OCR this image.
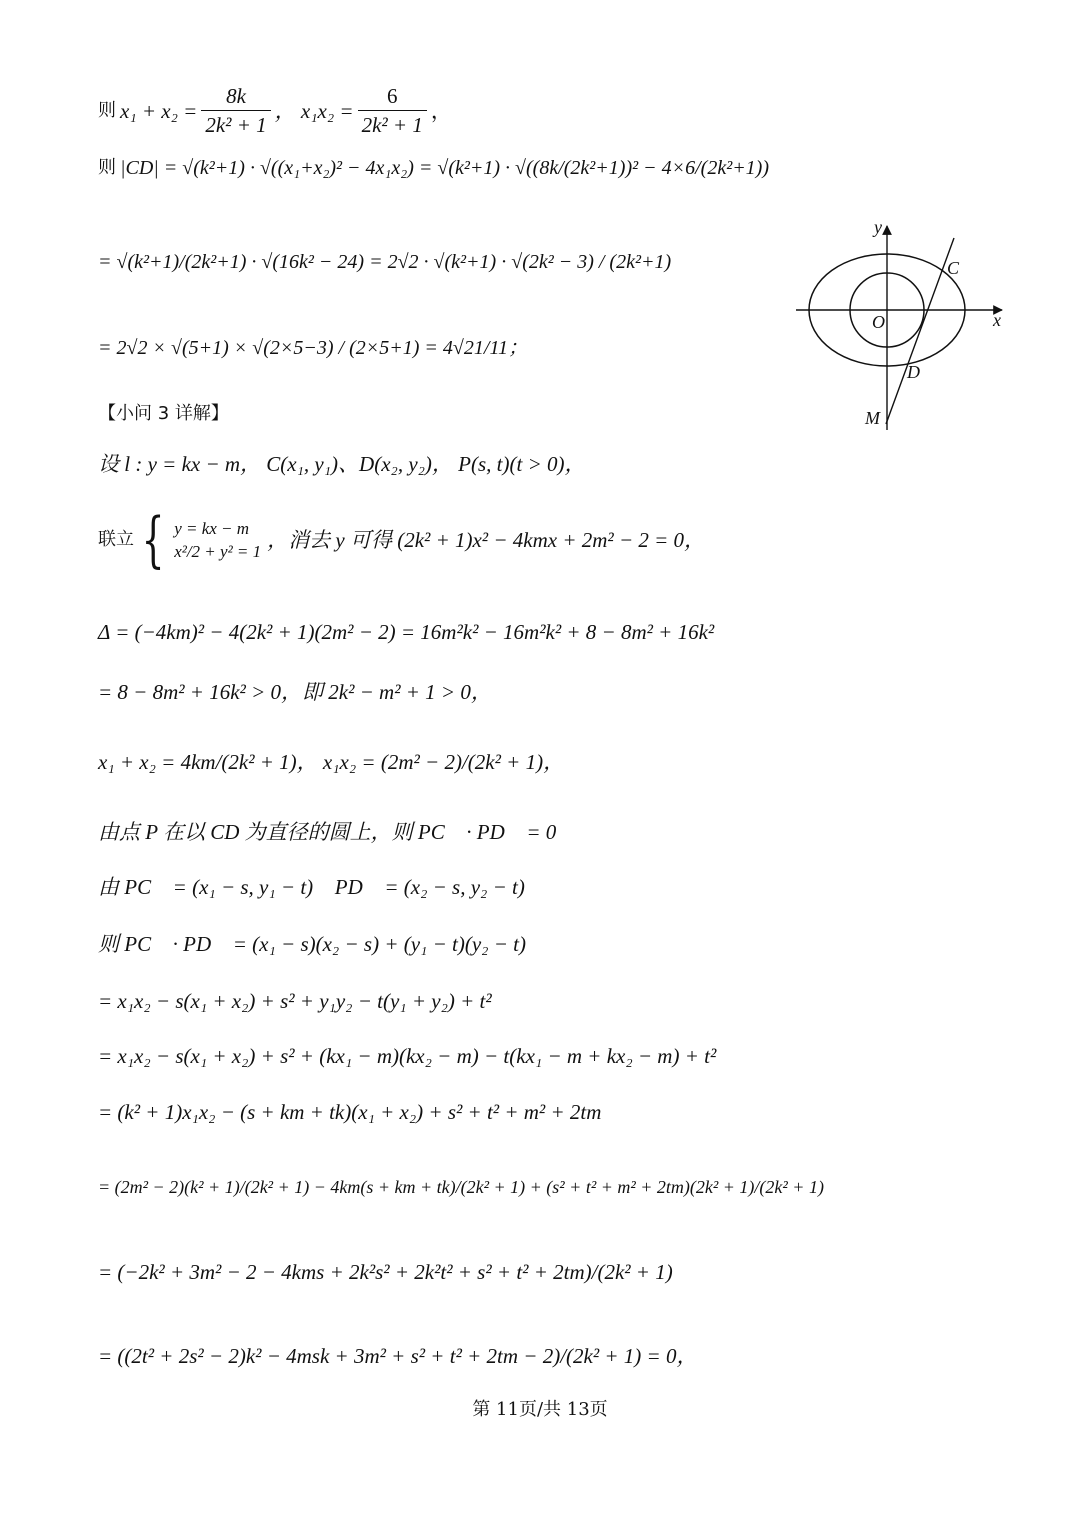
则 $x_1 + x_2 = \frac{8k}{\text{2k² + 1}}$ ， $x_1x_2 = \frac{6}{\text{2k² + 1}}$ ，
则 |CD| = √(k²+1) · √((x₁+x₂)² − 4x₁x₂) = √(k²+1) · √((8k/(2k²+1))² − 4×6/(2k²+1))
= √(k²+1)/(2k²+1) · √(16k² − 24) = 2√2 · √(k²+1) · √(2k² − 3) / (2k²+1)
= 2√2 × √(5+1) × √(2×5−3) / (2×5+1) = 4√21/11；
【小问 3 详解】
设 l : y = kx − m， C(x₁, y₁)、D(x₂, y₂)， P(s, t)(t > 0)，
联立 { y = kx − m
x²/2 + y² = 1 ，消去 y 可得 (2k² + 1)x² − 4kmx + 2m² − 2 = 0，
Δ = (−4km)² − 4(2k² + 1)(2m² − 2) = 16m²k² − 16m²k² + 8 − 8m² + 16k²
= 8 − 8m² + 16k² > 0，即 2k² − m² + 1 > 0，
x₁ + x₂ = 4km/(2k² + 1)， x₁x₂ = (2m² − 2)/(2k² + 1)，
由点 P 在以 CD 为直径的圆上，则 PC⃗ · PD⃗ = 0，
由 PC⃗ = (x₁ − s, y₁ − t)， PD⃗ = (x₂ − s, y₂ − t)，
则 PC⃗ · PD⃗ = (x₁ − s)(x₂ − s) + (y₁ − t)(y₂ − t)
= x₁x₂ − s(x₁ + x₂) + s² + y₁y₂ − t(y₁ + y₂) + t²
= x₁x₂ − s(x₁ + x₂) + s² + (kx₁ − m)(kx₂ − m) − t(kx₁ − m + kx₂ − m) + t²
= (k² + 1)x₁x₂ − (s + km + tk)(x₁ + x₂) + s² + t² + m² + 2tm
= (2m² − 2)(k² + 1)/(2k² + 1) − 4km(s + km + tk)/(2k² + 1) + (s² + t² + m² + 2tm)(2k² + 1)/(2k² + 1)
= (−2k² + 3m² − 2 − 4kms + 2k²s² + 2k²t² + s² + t² + 2tm)/(2k² + 1)
= ((2t² + 2s² − 2)k² − 4msk + 3m² + s² + t² + 2tm − 2)/(2k² + 1) = 0，
y
x
O
C
D
M
第 11页/共 13页
